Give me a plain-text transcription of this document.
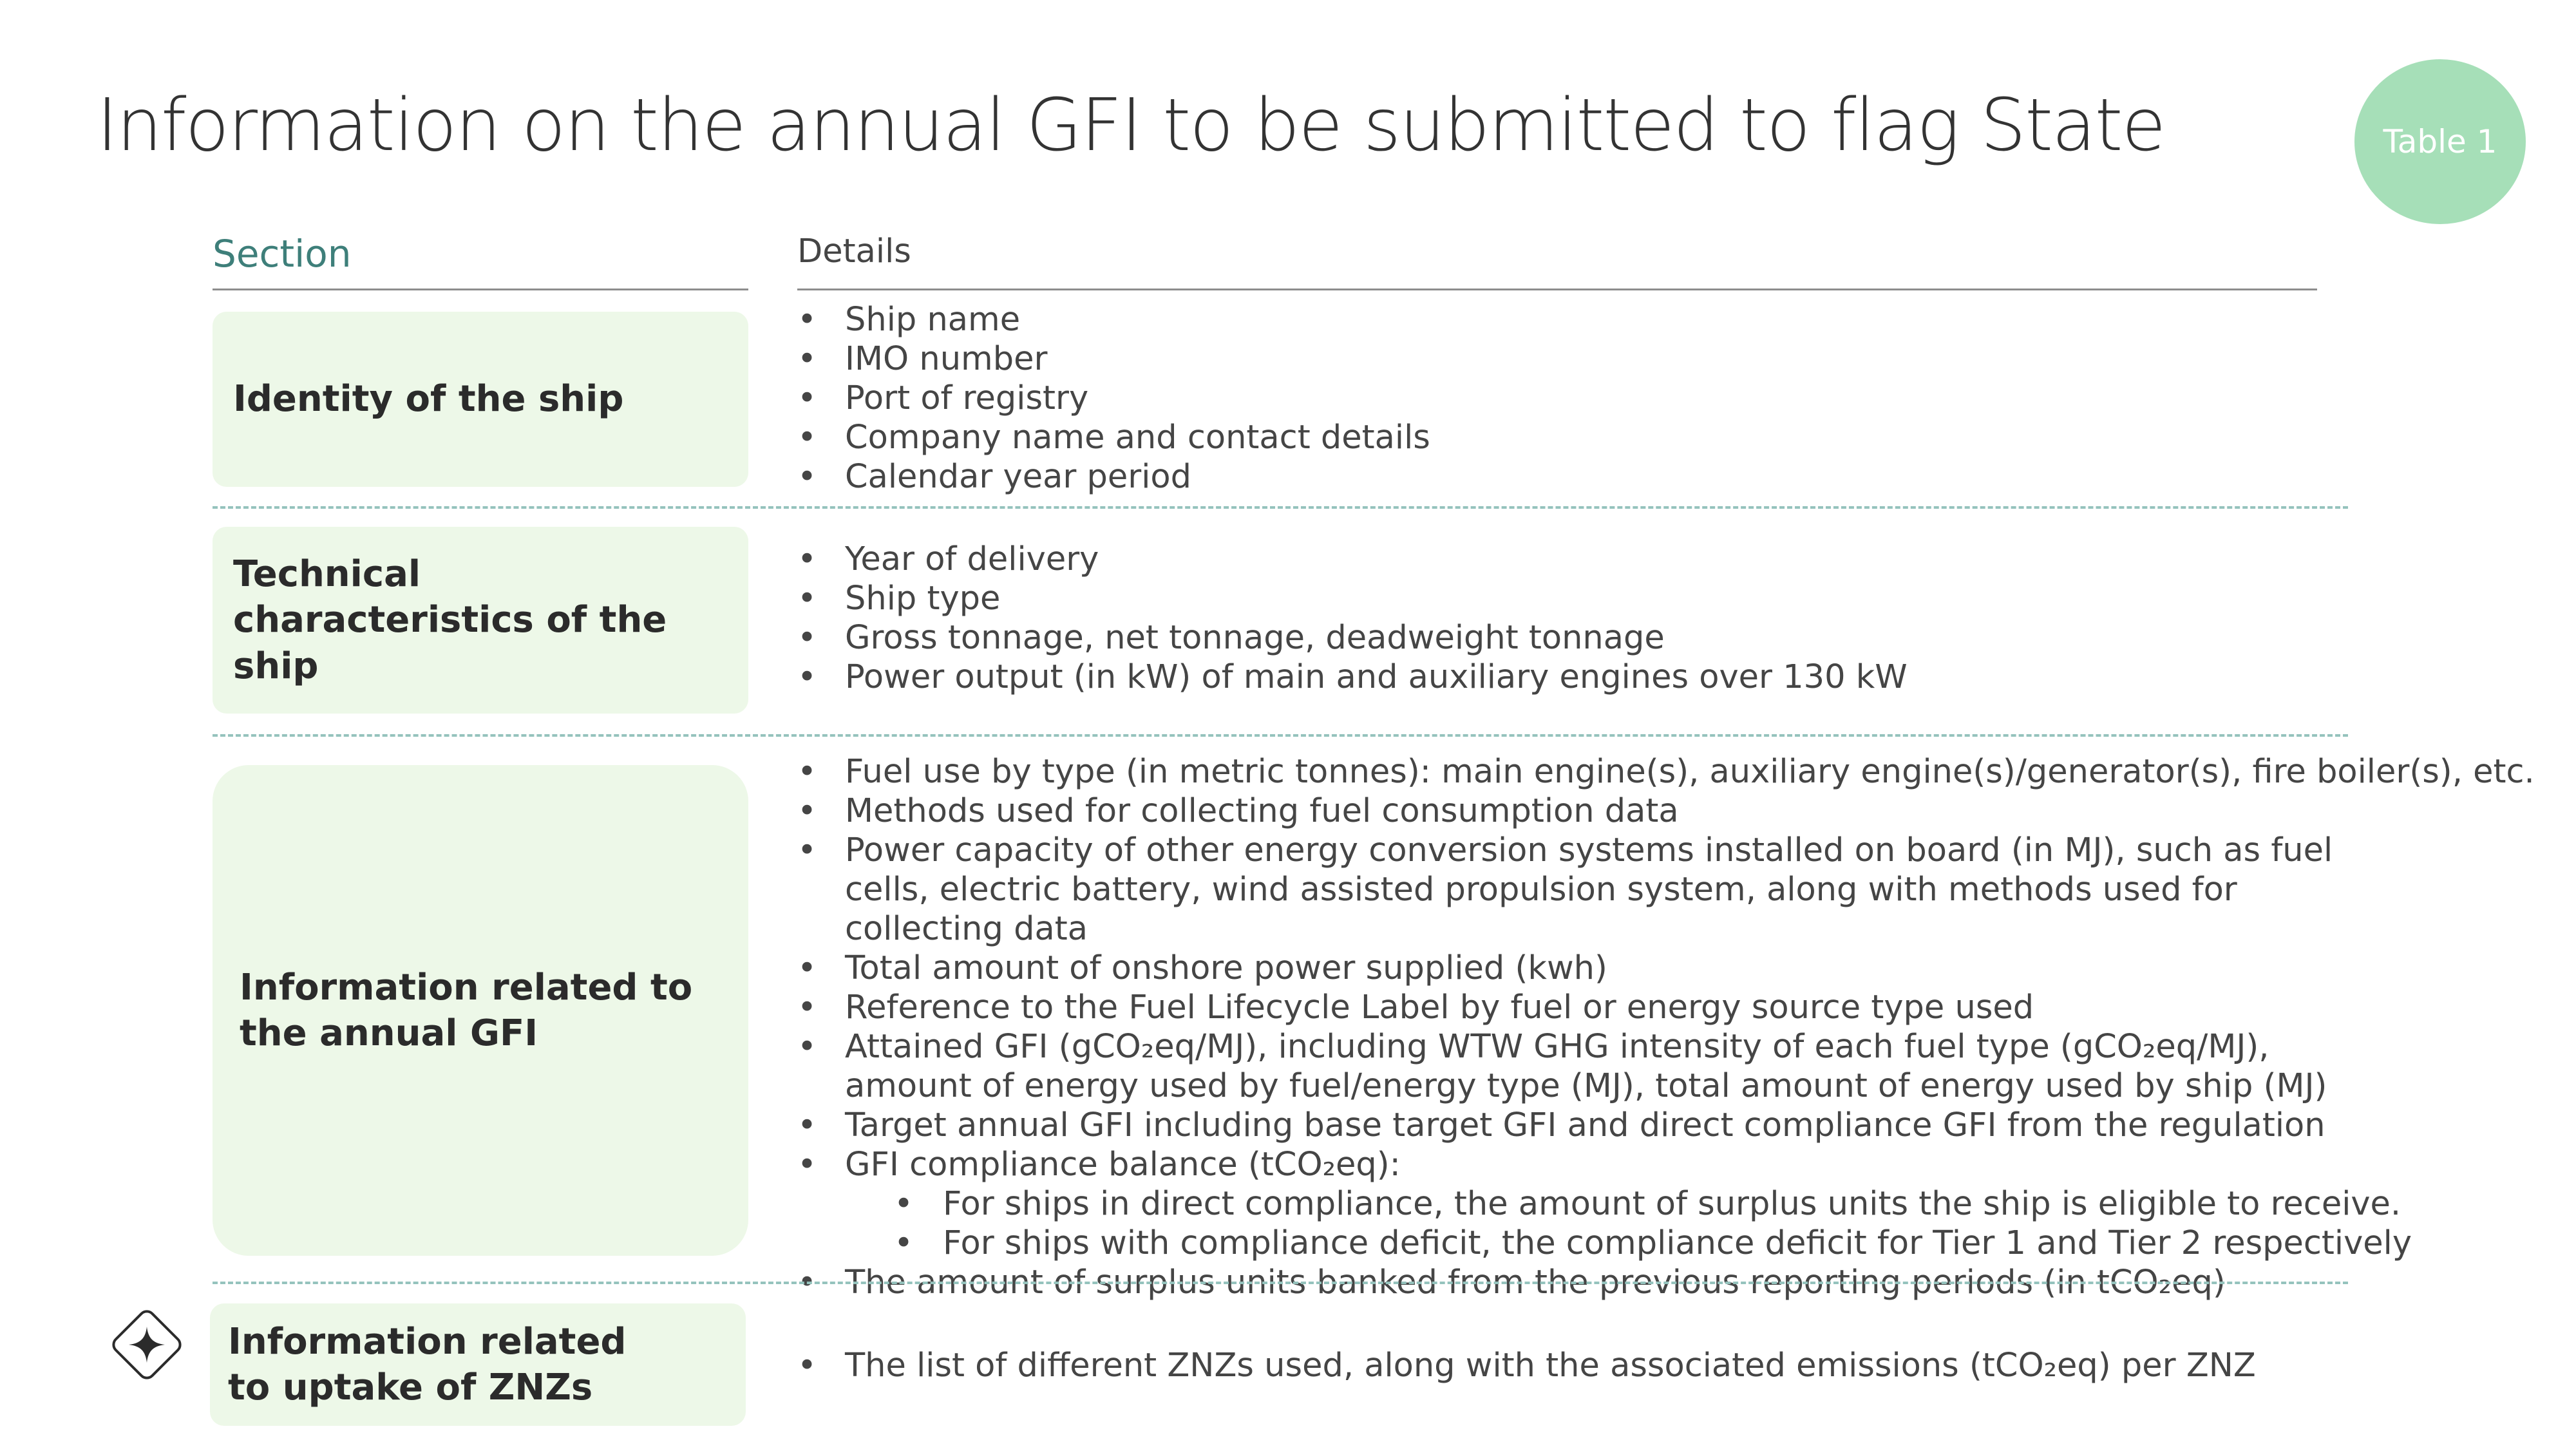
Information on the annual GFI to be submitted to flag State	Table 1
Section	Details
Identity of the ship
• Ship name
• IMO number
• Port of registry
• Company name and contact details
• Calendar year period
Technical characteristics of the ship
• Year of delivery
• Ship type
• Gross tonnage, net tonnage, deadweight tonnage
• Power output (in kW) of main and auxiliary engines over 130 kW
Information related to the annual GFI
• Fuel use by type (in metric tonnes): main engine(s), auxiliary engine(s)/generator(s), fire boiler(s), etc.
• Methods used for collecting fuel consumption data
• Power capacity of other energy conversion systems installed on board (in MJ), such as fuel cells, electric battery, wind assisted propulsion system, along with methods used for collecting data
• Total amount of onshore power supplied (kwh)
• Reference to the Fuel Lifecycle Label by fuel or energy source type used
• Attained GFI (gCO₂eq/MJ), including WTW GHG intensity of each fuel type (gCO₂eq/MJ), amount of energy used by fuel/energy type (MJ), total amount of energy used by ship (MJ)
• Target annual GFI including base target GFI and direct compliance GFI from the regulation
• GFI compliance balance (tCO₂eq):
• For ships in direct compliance, the amount of surplus units the ship is eligible to receive.
• For ships with compliance deficit, the compliance deficit for Tier 1 and Tier 2 respectively
• The amount of surplus units banked from the previous reporting periods (in tCO₂eq)
Information related to uptake of ZNZs
• The list of different ZNZs used, along with the associated emissions (tCO₂eq) per ZNZ
